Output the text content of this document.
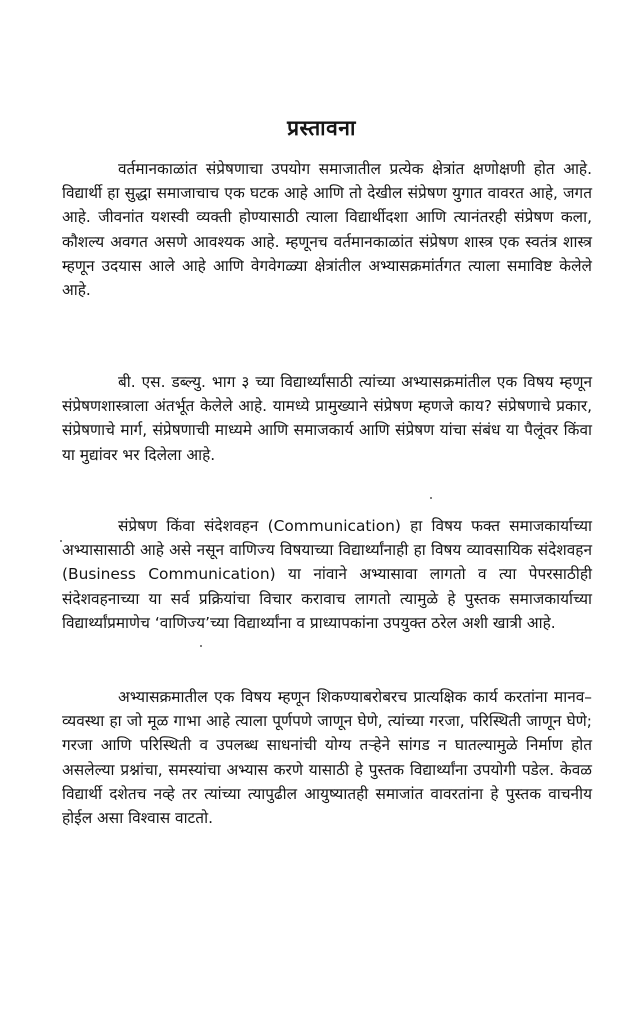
प्रस्तावना

वर्तमानकाळांत संप्रेषणाचा उपयोग समाजातील प्रत्येक क्षेत्रांत क्षणोक्षणी होत आहे. विद्यार्थी हा सुद्धा समाजाचाच एक घटक आहे आणि तो देखील संप्रेषण युगात वावरत आहे, जगत आहे. जीवनांत यशस्वी व्यक्ती होण्यासाठी त्याला विद्यार्थीदशा आणि त्यानंतरही संप्रेषण कला, कौशल्य अवगत असणे आवश्यक आहे. म्हणूनच वर्तमानकाळांत संप्रेषण शास्त्र एक स्वतंत्र शास्त्र म्हणून उदयास आले आहे आणि वेगवेगळ्या क्षेत्रांतील अभ्यासक्रमांर्तगत त्याला समाविष्ट केलेले आहे.

बी. एस. डब्ल्यु. भाग ३ च्या विद्यार्थ्यांसाठी त्यांच्या अभ्यासक्रमांतील एक विषय म्हणून संप्रेषणशास्त्राला अंतर्भूत केलेले आहे. यामध्ये प्रामुख्याने संप्रेषण म्हणजे काय? संप्रेषणाचे प्रकार, संप्रेषणाचे मार्ग, संप्रेषणाची माध्यमे आणि समाजकार्य आणि संप्रेषण यांचा संबंध या पैलूंवर किंवा या मुद्यांवर भर दिलेला आहे.

संप्रेषण किंवा संदेशवहन (Communication) हा विषय फक्त समाजकार्याच्या अभ्यासासाठी आहे असे नसून वाणिज्य विषयाच्या विद्यार्थ्यांनाही हा विषय व्यावसायिक संदेशवहन (Business Communication) या नांवाने अभ्यासावा लागतो व त्या पेपरसाठीही संदेशवहनाच्या या सर्व प्रक्रियांचा विचार करावाच लागतो त्यामुळे हे पुस्तक समाजकार्याच्या विद्यार्थ्यांप्रमाणेच ‘वाणिज्य’च्या विद्यार्थ्यांना व प्राध्यापकांना उपयुक्त ठरेल अशी खात्री आहे.

अभ्यासक्रमातील एक विषय म्हणून शिकण्याबरोबरच प्रात्यक्षिक कार्य करतांना मानव–व्यवस्था हा जो मूळ गाभा आहे त्याला पूर्णपणे जाणून घेणे, त्यांच्या गरजा, परिस्थिती जाणून घेणे; गरजा आणि परिस्थिती व उपलब्ध साधनांची योग्य तऱ्हेने सांगड न घातल्यामुळे निर्माण होत असलेल्या प्रश्नांचा, समस्यांचा अभ्यास करणे यासाठी हे पुस्तक विद्यार्थ्यांना उपयोगी पडेल. केवळ विद्यार्थी दशेतच नव्हे तर त्यांच्या त्यापुढील आयुष्यातही समाजांत वावरतांना हे पुस्तक वाचनीय होईल असा विश्वास वाटतो.
